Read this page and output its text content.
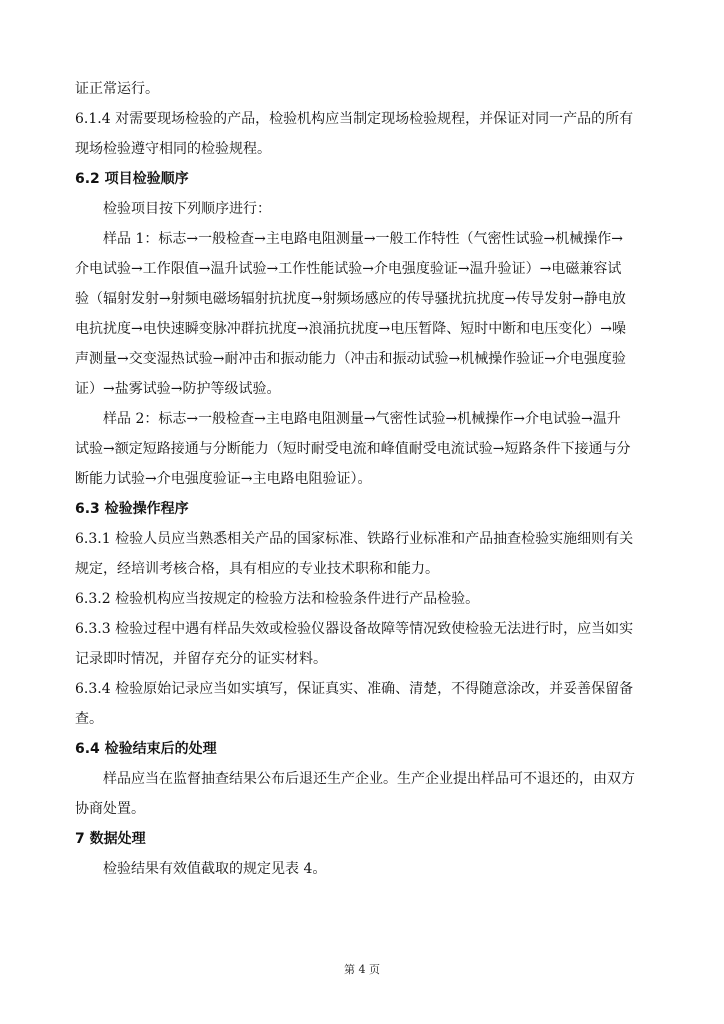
证正常运行。
6.1.4 对需要现场检验的产品，检验机构应当制定现场检验规程，并保证对同一产品的所有
现场检验遵守相同的检验规程。
6.2 项目检验顺序
检验项目按下列顺序进行：
样品 1：标志→一般检查→主电路电阻测量→一般工作特性（气密性试验→机械操作→
介电试验→工作限值→温升试验→工作性能试验→介电强度验证→温升验证）→电磁兼容试
验（辐射发射→射频电磁场辐射抗扰度→射频场感应的传导骚扰抗扰度→传导发射→静电放
电抗扰度→电快速瞬变脉冲群抗扰度→浪涌抗扰度→电压暂降、短时中断和电压变化）→噪
声测量→交变湿热试验→耐冲击和振动能力（冲击和振动试验→机械操作验证→介电强度验
证）→盐雾试验→防护等级试验。
样品 2：标志→一般检查→主电路电阻测量→气密性试验→机械操作→介电试验→温升
试验→额定短路接通与分断能力（短时耐受电流和峰值耐受电流试验→短路条件下接通与分
断能力试验→介电强度验证→主电路电阻验证）。
6.3 检验操作程序
6.3.1 检验人员应当熟悉相关产品的国家标准、铁路行业标准和产品抽查检验实施细则有关
规定，经培训考核合格，具有相应的专业技术职称和能力。
6.3.2 检验机构应当按规定的检验方法和检验条件进行产品检验。
6.3.3 检验过程中遇有样品失效或检验仪器设备故障等情况致使检验无法进行时，应当如实
记录即时情况，并留存充分的证实材料。
6.3.4 检验原始记录应当如实填写，保证真实、准确、清楚，不得随意涂改，并妥善保留备
查。
6.4 检验结束后的处理
样品应当在监督抽查结果公布后退还生产企业。生产企业提出样品可不退还的，由双方
协商处置。
7 数据处理
检验结果有效值截取的规定见表 4。
第 4 页
